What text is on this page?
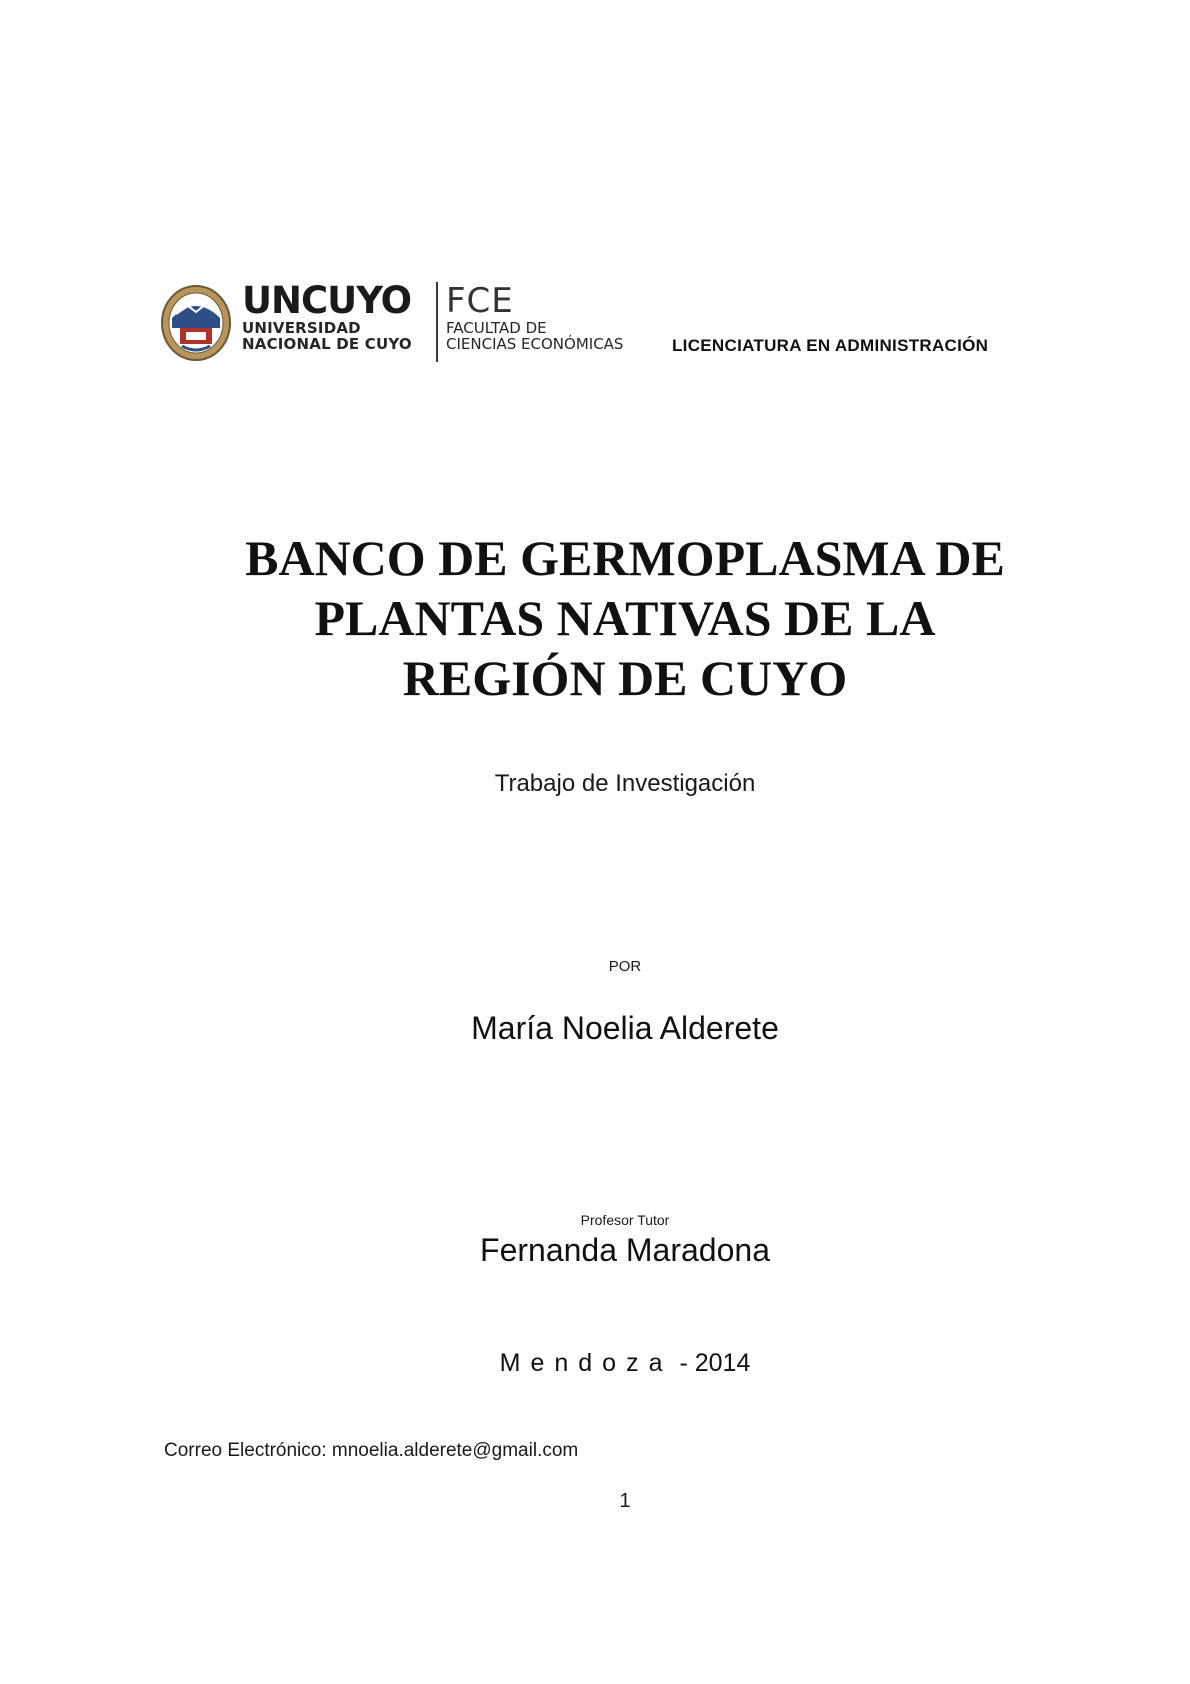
UNCUYO
UNIVERSIDAD
NACIONAL DE CUYO
FCE
FACULTAD DE
CIENCIAS ECONÓMICAS	LICENCIATURA EN ADMINISTRACIÓN
BANCO DE GERMOPLASMA DE
PLANTAS NATIVAS DE LA
REGIÓN DE CUYO
Trabajo de Investigación
POR
María Noelia Alderete
Profesor Tutor
Fernanda Maradona
Mendoza - 2014
Correo Electrónico: mnoelia.alderete@gmail.com
1
